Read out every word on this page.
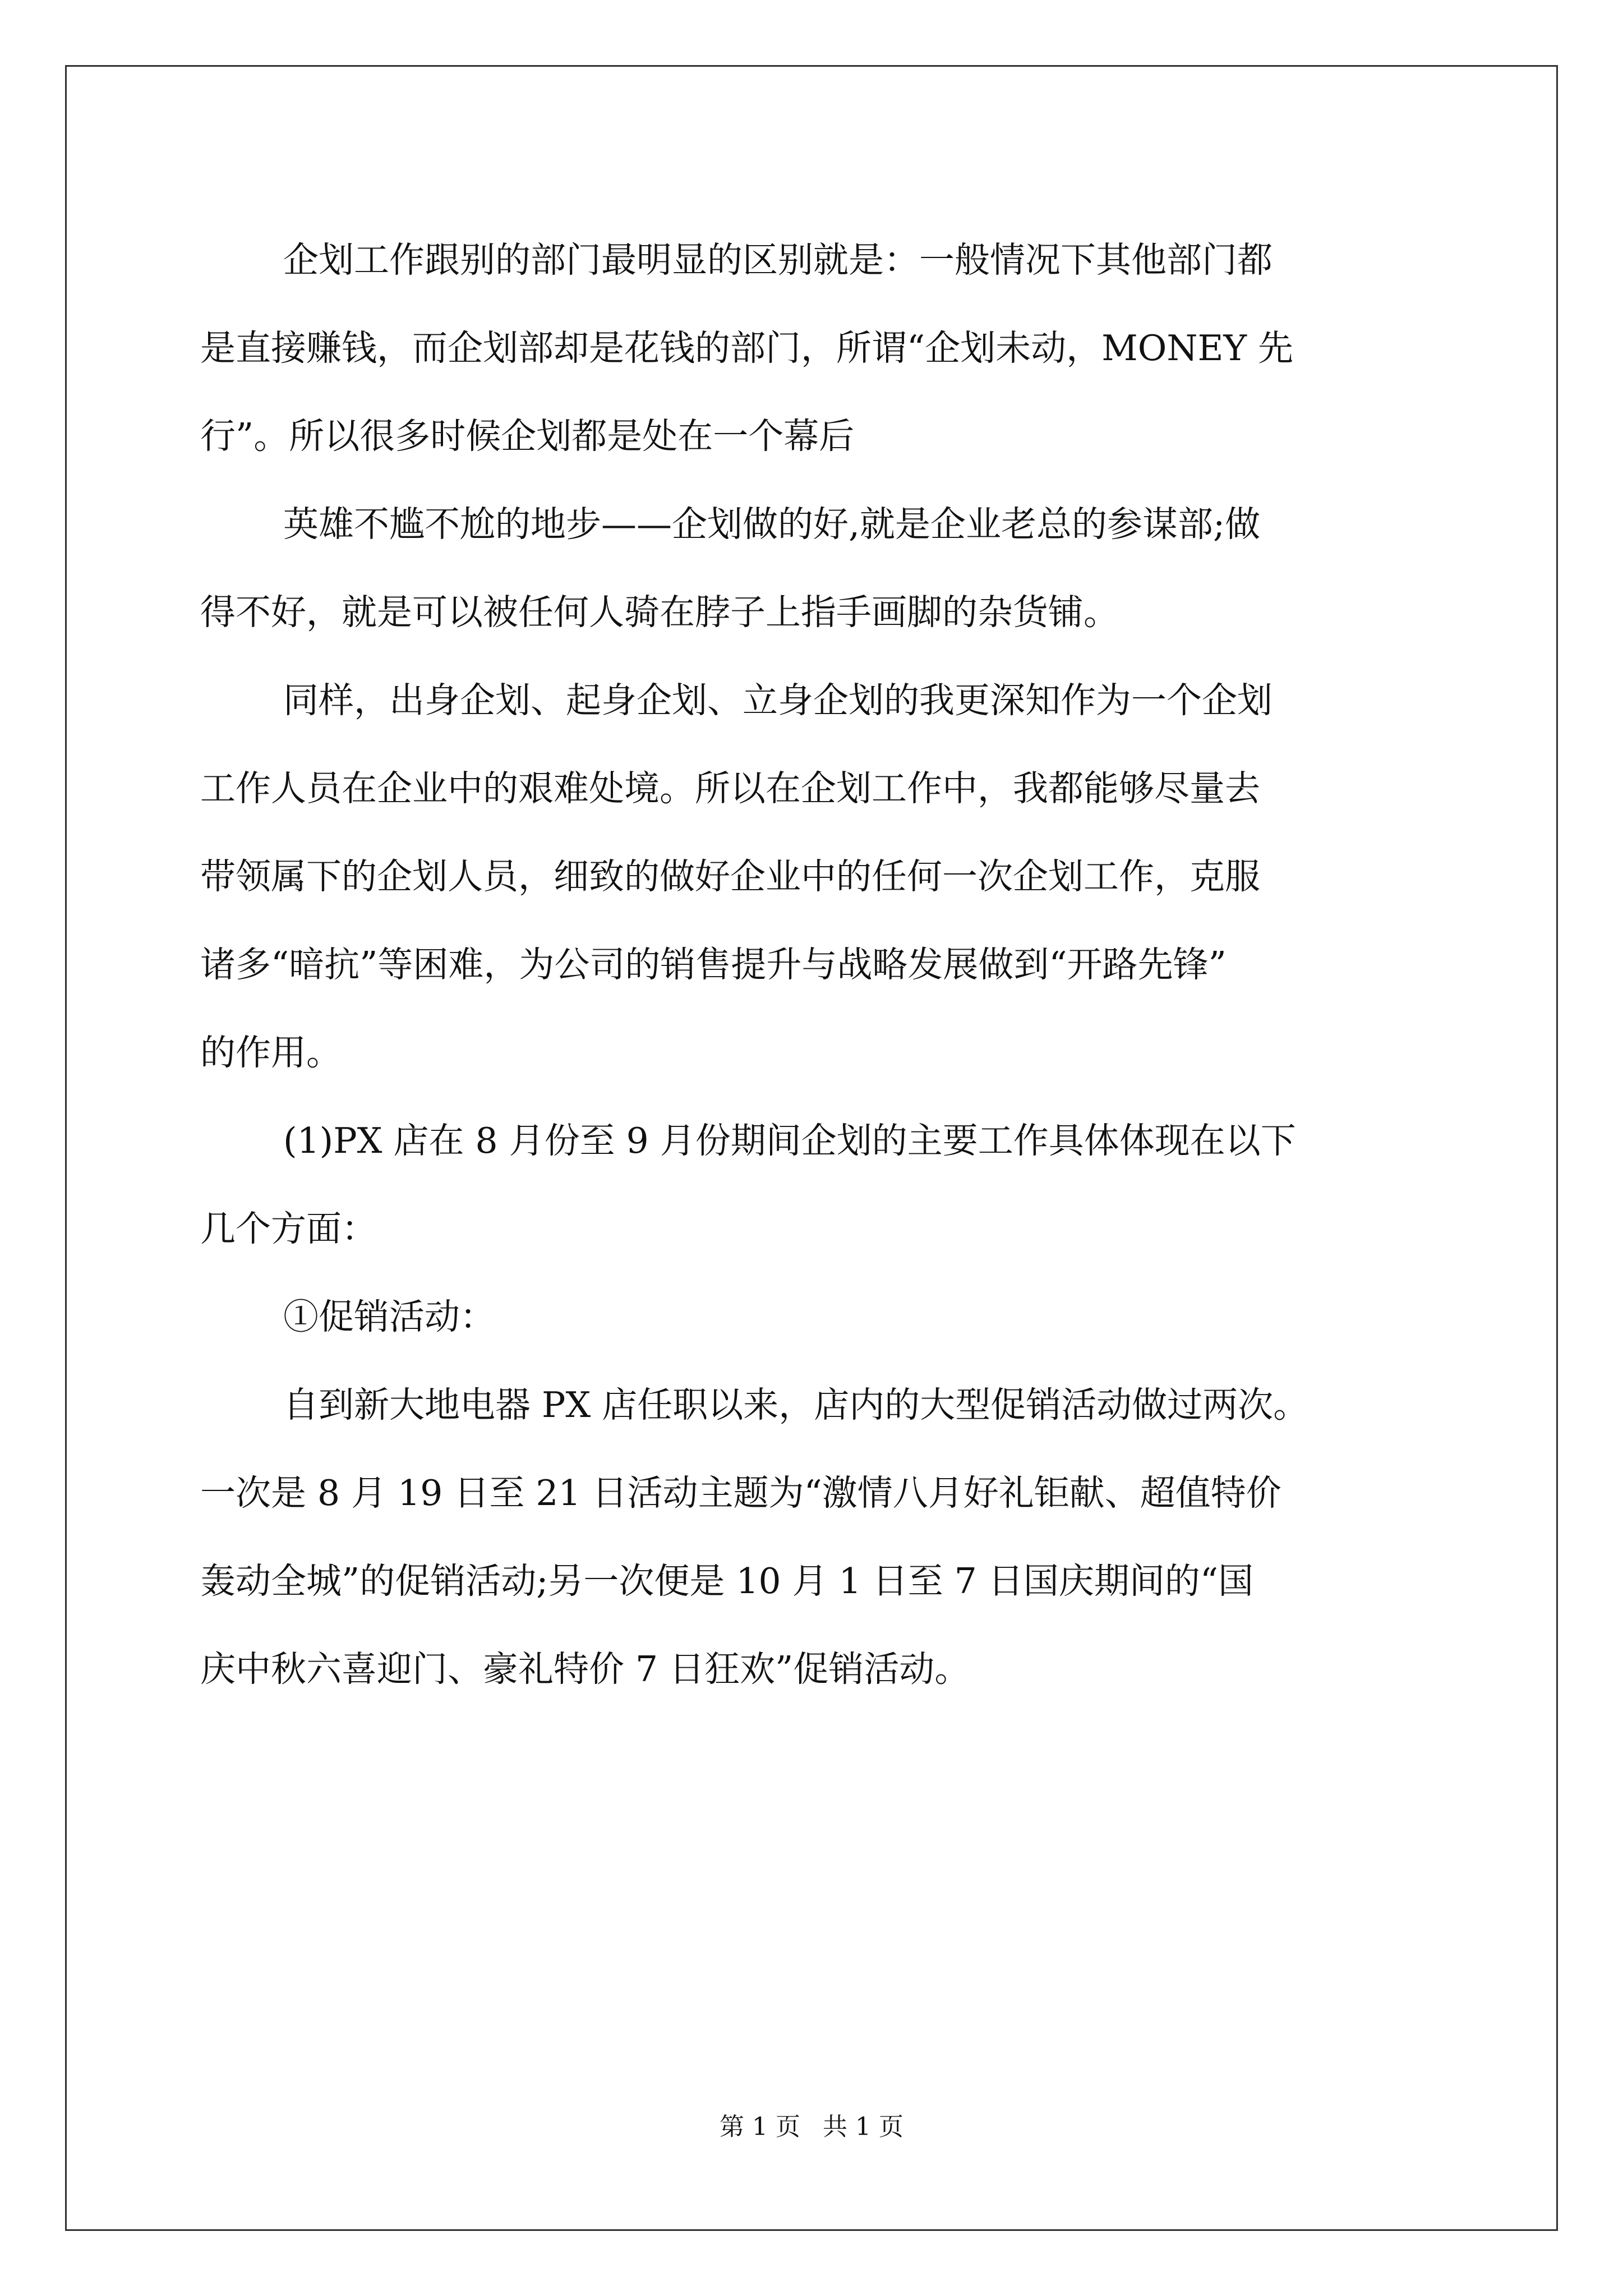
企划工作跟别的部门最明显的区别就是：一般情况下其他部门都
是直接赚钱，而企划部却是花钱的部门，所谓“企划未动，MONEY 先
行”。所以很多时候企划都是处在一个幕后
英雄不尴不尬的地步——企划做的好,就是企业老总的参谋部;做
得不好，就是可以被任何人骑在脖子上指手画脚的杂货铺。
同样，出身企划、起身企划、立身企划的我更深知作为一个企划
工作人员在企业中的艰难处境。所以在企划工作中，我都能够尽量去
带领属下的企划人员，细致的做好企业中的任何一次企划工作，克服
诸多“暗抗”等困难，为公司的销售提升与战略发展做到“开路先锋”
的作用。
(1)PX 店在 8 月份至 9 月份期间企划的主要工作具体体现在以下
几个方面：
①促销活动：
自到新大地电器 PX 店任职以来，店内的大型促销活动做过两次。
一次是 8 月 19 日至 21 日活动主题为“激情八月好礼钜献、超值特价
轰动全城”的促销活动;另一次便是 10 月 1 日至 7 日国庆期间的“国
庆中秋六喜迎门、豪礼特价 7 日狂欢”促销活动。
第 1 页 共 1 页
